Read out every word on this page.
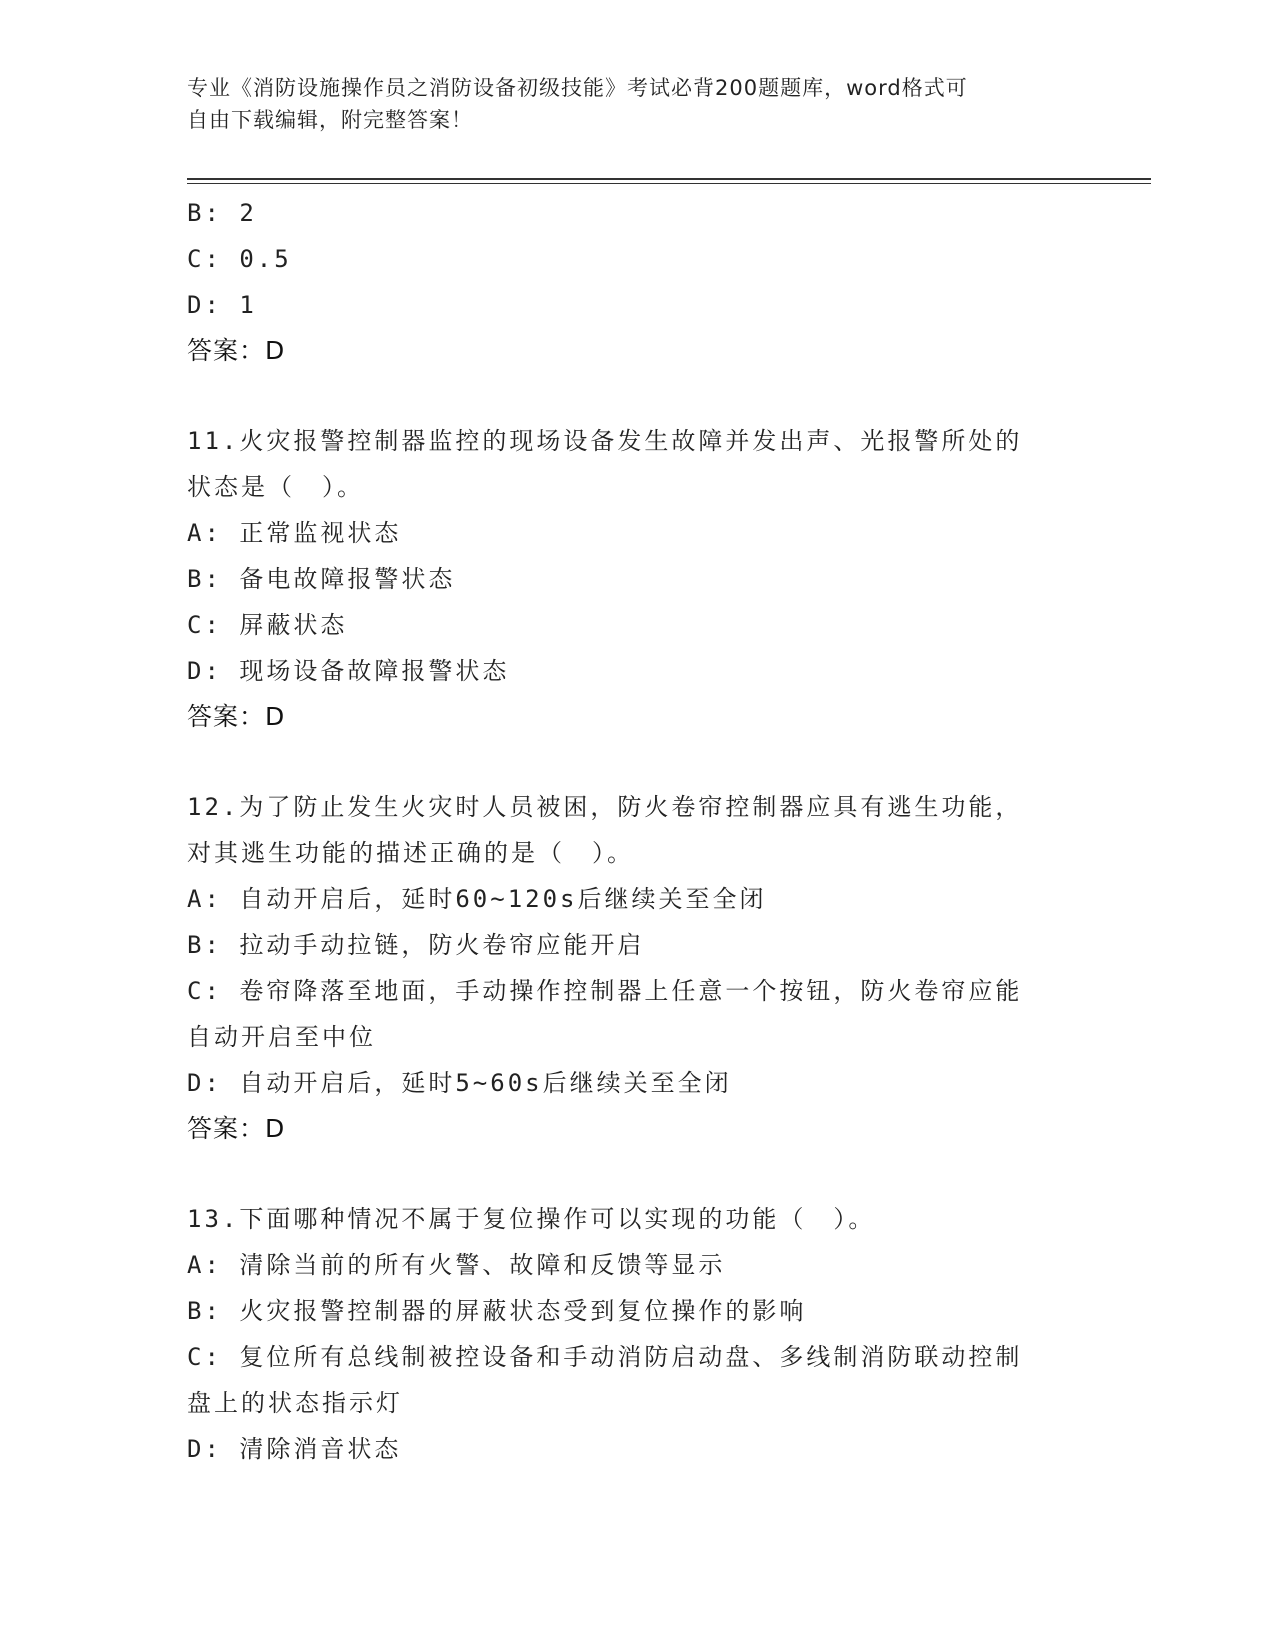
专业《消防设施操作员之消防设备初级技能》考试必背200题题库，word格式可
自由下载编辑，附完整答案！
B: 2
C: 0.5
D: 1
答案：D
11.火灾报警控制器监控的现场设备发生故障并发出声、光报警所处的
状态是（　）。
A: 正常监视状态
B: 备电故障报警状态
C: 屏蔽状态
D: 现场设备故障报警状态
答案：D
12.为了防止发生火灾时人员被困，防火卷帘控制器应具有逃生功能，
对其逃生功能的描述正确的是（　）。
A: 自动开启后，延时60~120s后继续关至全闭
B: 拉动手动拉链，防火卷帘应能开启
C: 卷帘降落至地面，手动操作控制器上任意一个按钮，防火卷帘应能
自动开启至中位
D: 自动开启后，延时5~60s后继续关至全闭
答案：D
13.下面哪种情况不属于复位操作可以实现的功能（　）。
A: 清除当前的所有火警、故障和反馈等显示
B: 火灾报警控制器的屏蔽状态受到复位操作的影响
C: 复位所有总线制被控设备和手动消防启动盘、多线制消防联动控制
盘上的状态指示灯
D: 清除消音状态
